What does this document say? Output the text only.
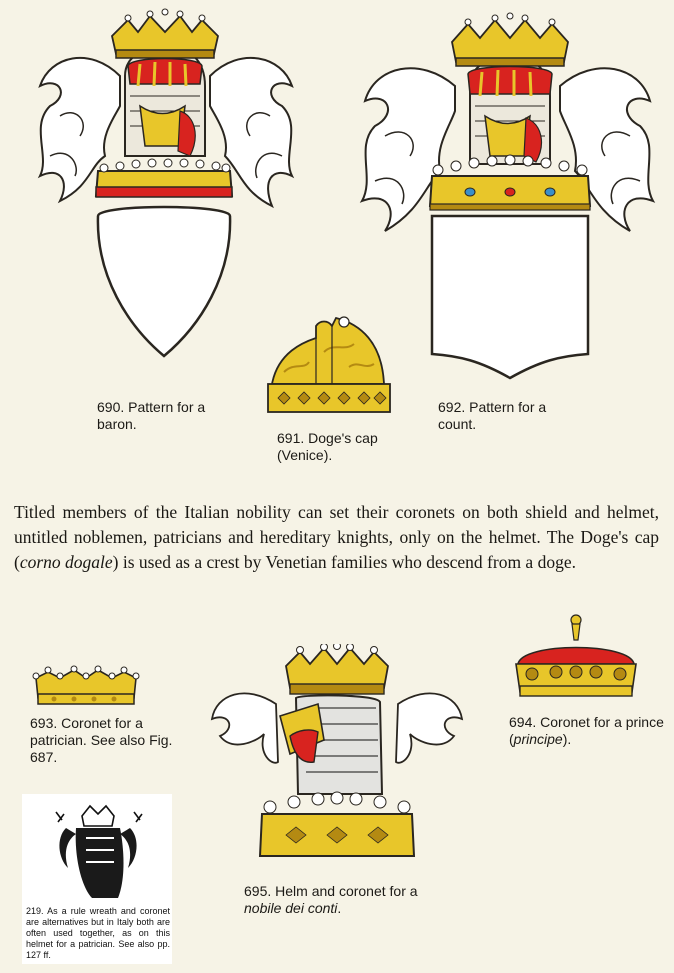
690. Pattern for a baron.

691. Doge's cap (Venice).

692. Pattern for a count.

Titled members of the Italian nobility can set their coronets on both shield and helmet, untitled noblemen, patricians and hereditary knights, only on the helmet. The Doge's cap (corno dogale) is used as a crest by Venetian families who descend from a doge.

693. Coronet for a patrician. See also Fig. 687.

694. Coronet for a prince (principe).

695. Helm and coronet for a nobile dei conti.

219. As a rule wreath and coronet are alternatives but in Italy both are often used together, as on this helmet for a patrician. See also pp. 127 ff.
